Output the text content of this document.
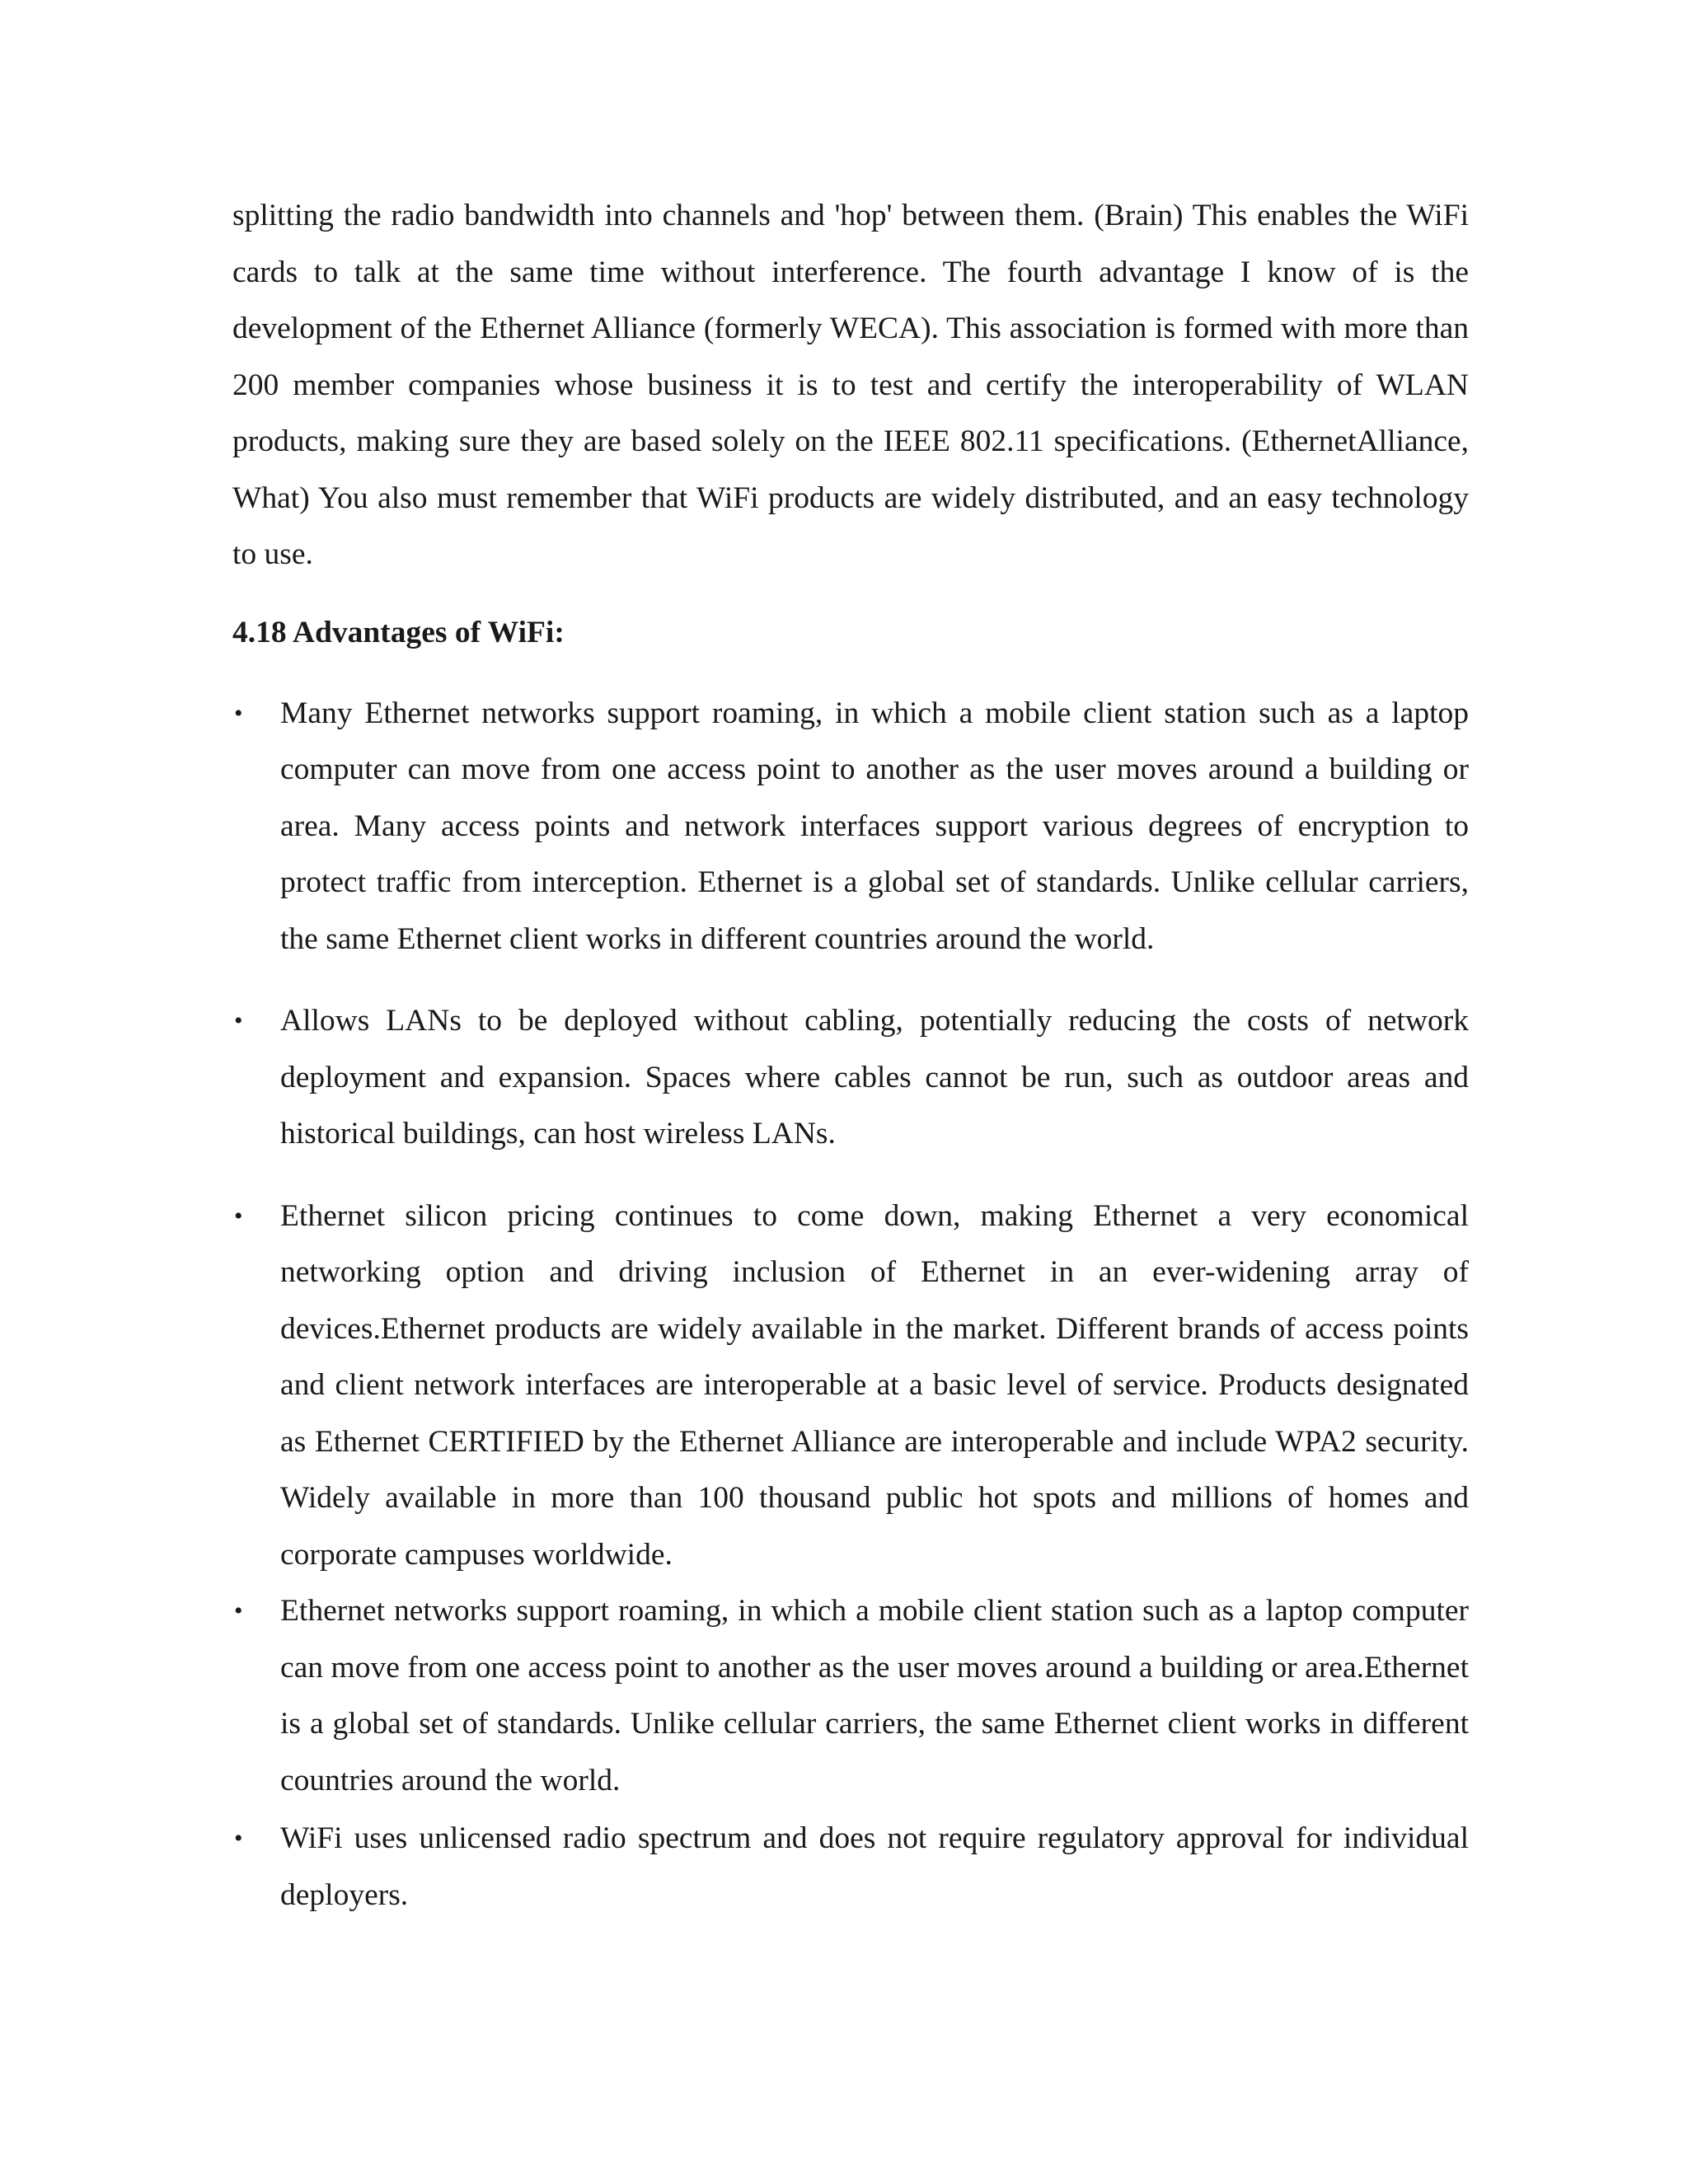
splitting the radio bandwidth into channels and 'hop' between them. (Brain) This enables the WiFi cards to talk at the same time without interference. The fourth advantage I know of is the development of the Ethernet Alliance (formerly WECA). This association is formed with more than 200 member companies whose business it is to test and certify the interoperability of WLAN products, making sure they are based solely on the IEEE 802.11 specifications. (EthernetAlliance, What) You also must remember that WiFi products are widely distributed, and an easy technology to use.

4.18 Advantages of WiFi:
• Many Ethernet networks support roaming, in which a mobile client station such as a laptop computer can move from one access point to another as the user moves around a building or area. Many access points and network interfaces support various degrees of encryption to protect traffic from interception. Ethernet is a global set of standards. Unlike cellular carriers, the same Ethernet client works in different countries around the world.
• Allows LANs to be deployed without cabling, potentially reducing the costs of network deployment and expansion. Spaces where cables cannot be run, such as outdoor areas and historical buildings, can host wireless LANs.
• Ethernet silicon pricing continues to come down, making Ethernet a very economical networking option and driving inclusion of Ethernet in an ever-widening array of devices.Ethernet products are widely available in the market. Different brands of access points and client network interfaces are interoperable at a basic level of service. Products designated as Ethernet CERTIFIED by the Ethernet Alliance are interoperable and include WPA2 security. Widely available in more than 100 thousand public hot spots and millions of homes and corporate campuses worldwide.
• Ethernet networks support roaming, in which a mobile client station such as a laptop computer can move from one access point to another as the user moves around a building or area.Ethernet is a global set of standards. Unlike cellular carriers, the same Ethernet client works in different countries around the world.
• WiFi uses unlicensed radio spectrum and does not require regulatory approval for individual deployers.
